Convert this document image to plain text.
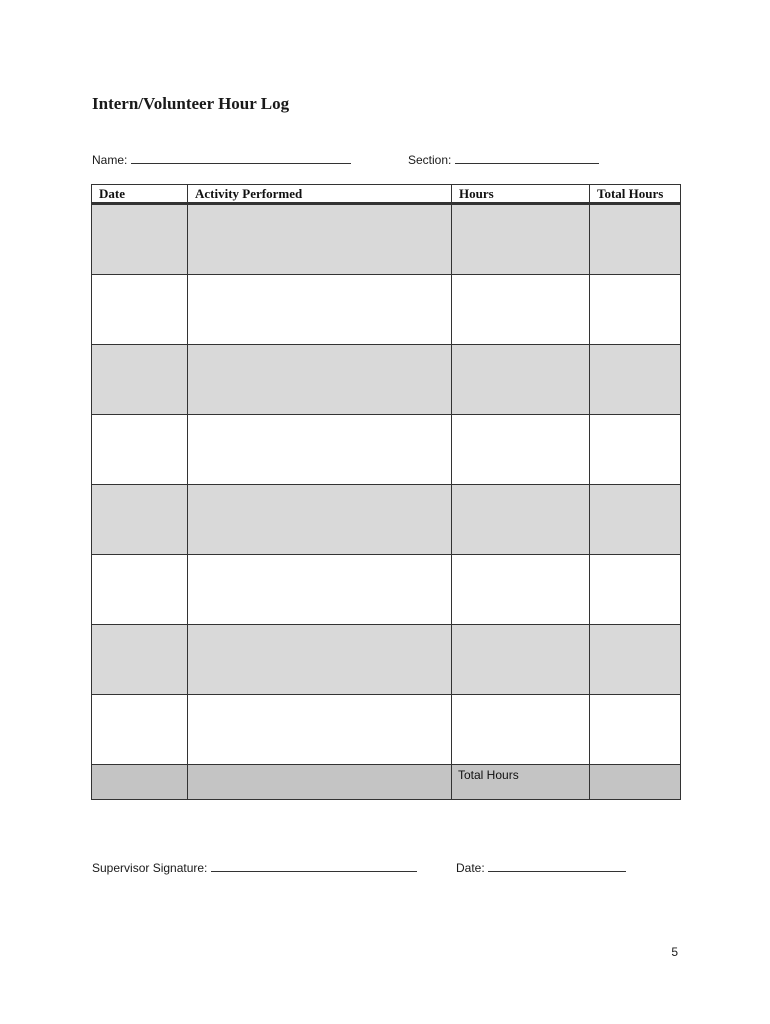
Intern/Volunteer Hour Log
Name:	Section:
Date	Activity Performed	Hours	Total Hours

		Total Hours	

Supervisor Signature:	Date:
5
